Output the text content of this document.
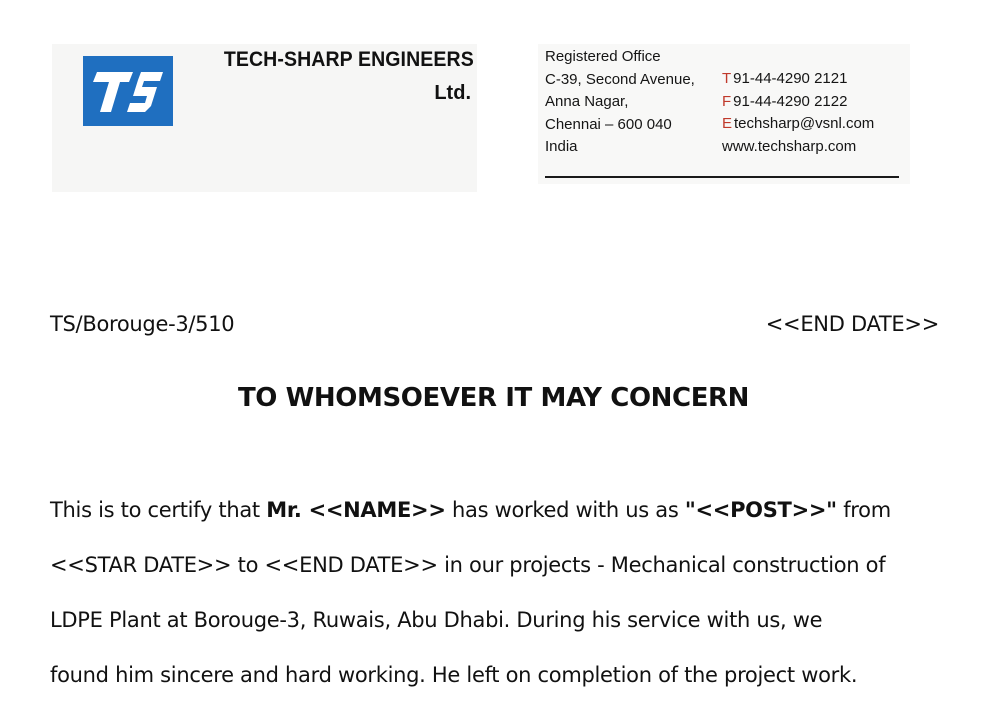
TECH-SHARP ENGINEERS
Ltd.
Registered Office
C-39, Second Avenue,
Anna Nagar,
Chennai – 600 040
India
T 91-44-4290 2121
F 91-44-4290 2122
E techsharp@vsnl.com
www.techsharp.com
TS/Borouge-3/510	<<END DATE>>
TO WHOMSOEVER IT MAY CONCERN
This is to certify that Mr. <<NAME>> has worked with us as "<<POST>>" from
<<STAR DATE>> to <<END DATE>> in our projects - Mechanical construction of
LDPE Plant at Borouge-3, Ruwais, Abu Dhabi. During his service with us, we
found him sincere and hard working. He left on completion of the project work.
